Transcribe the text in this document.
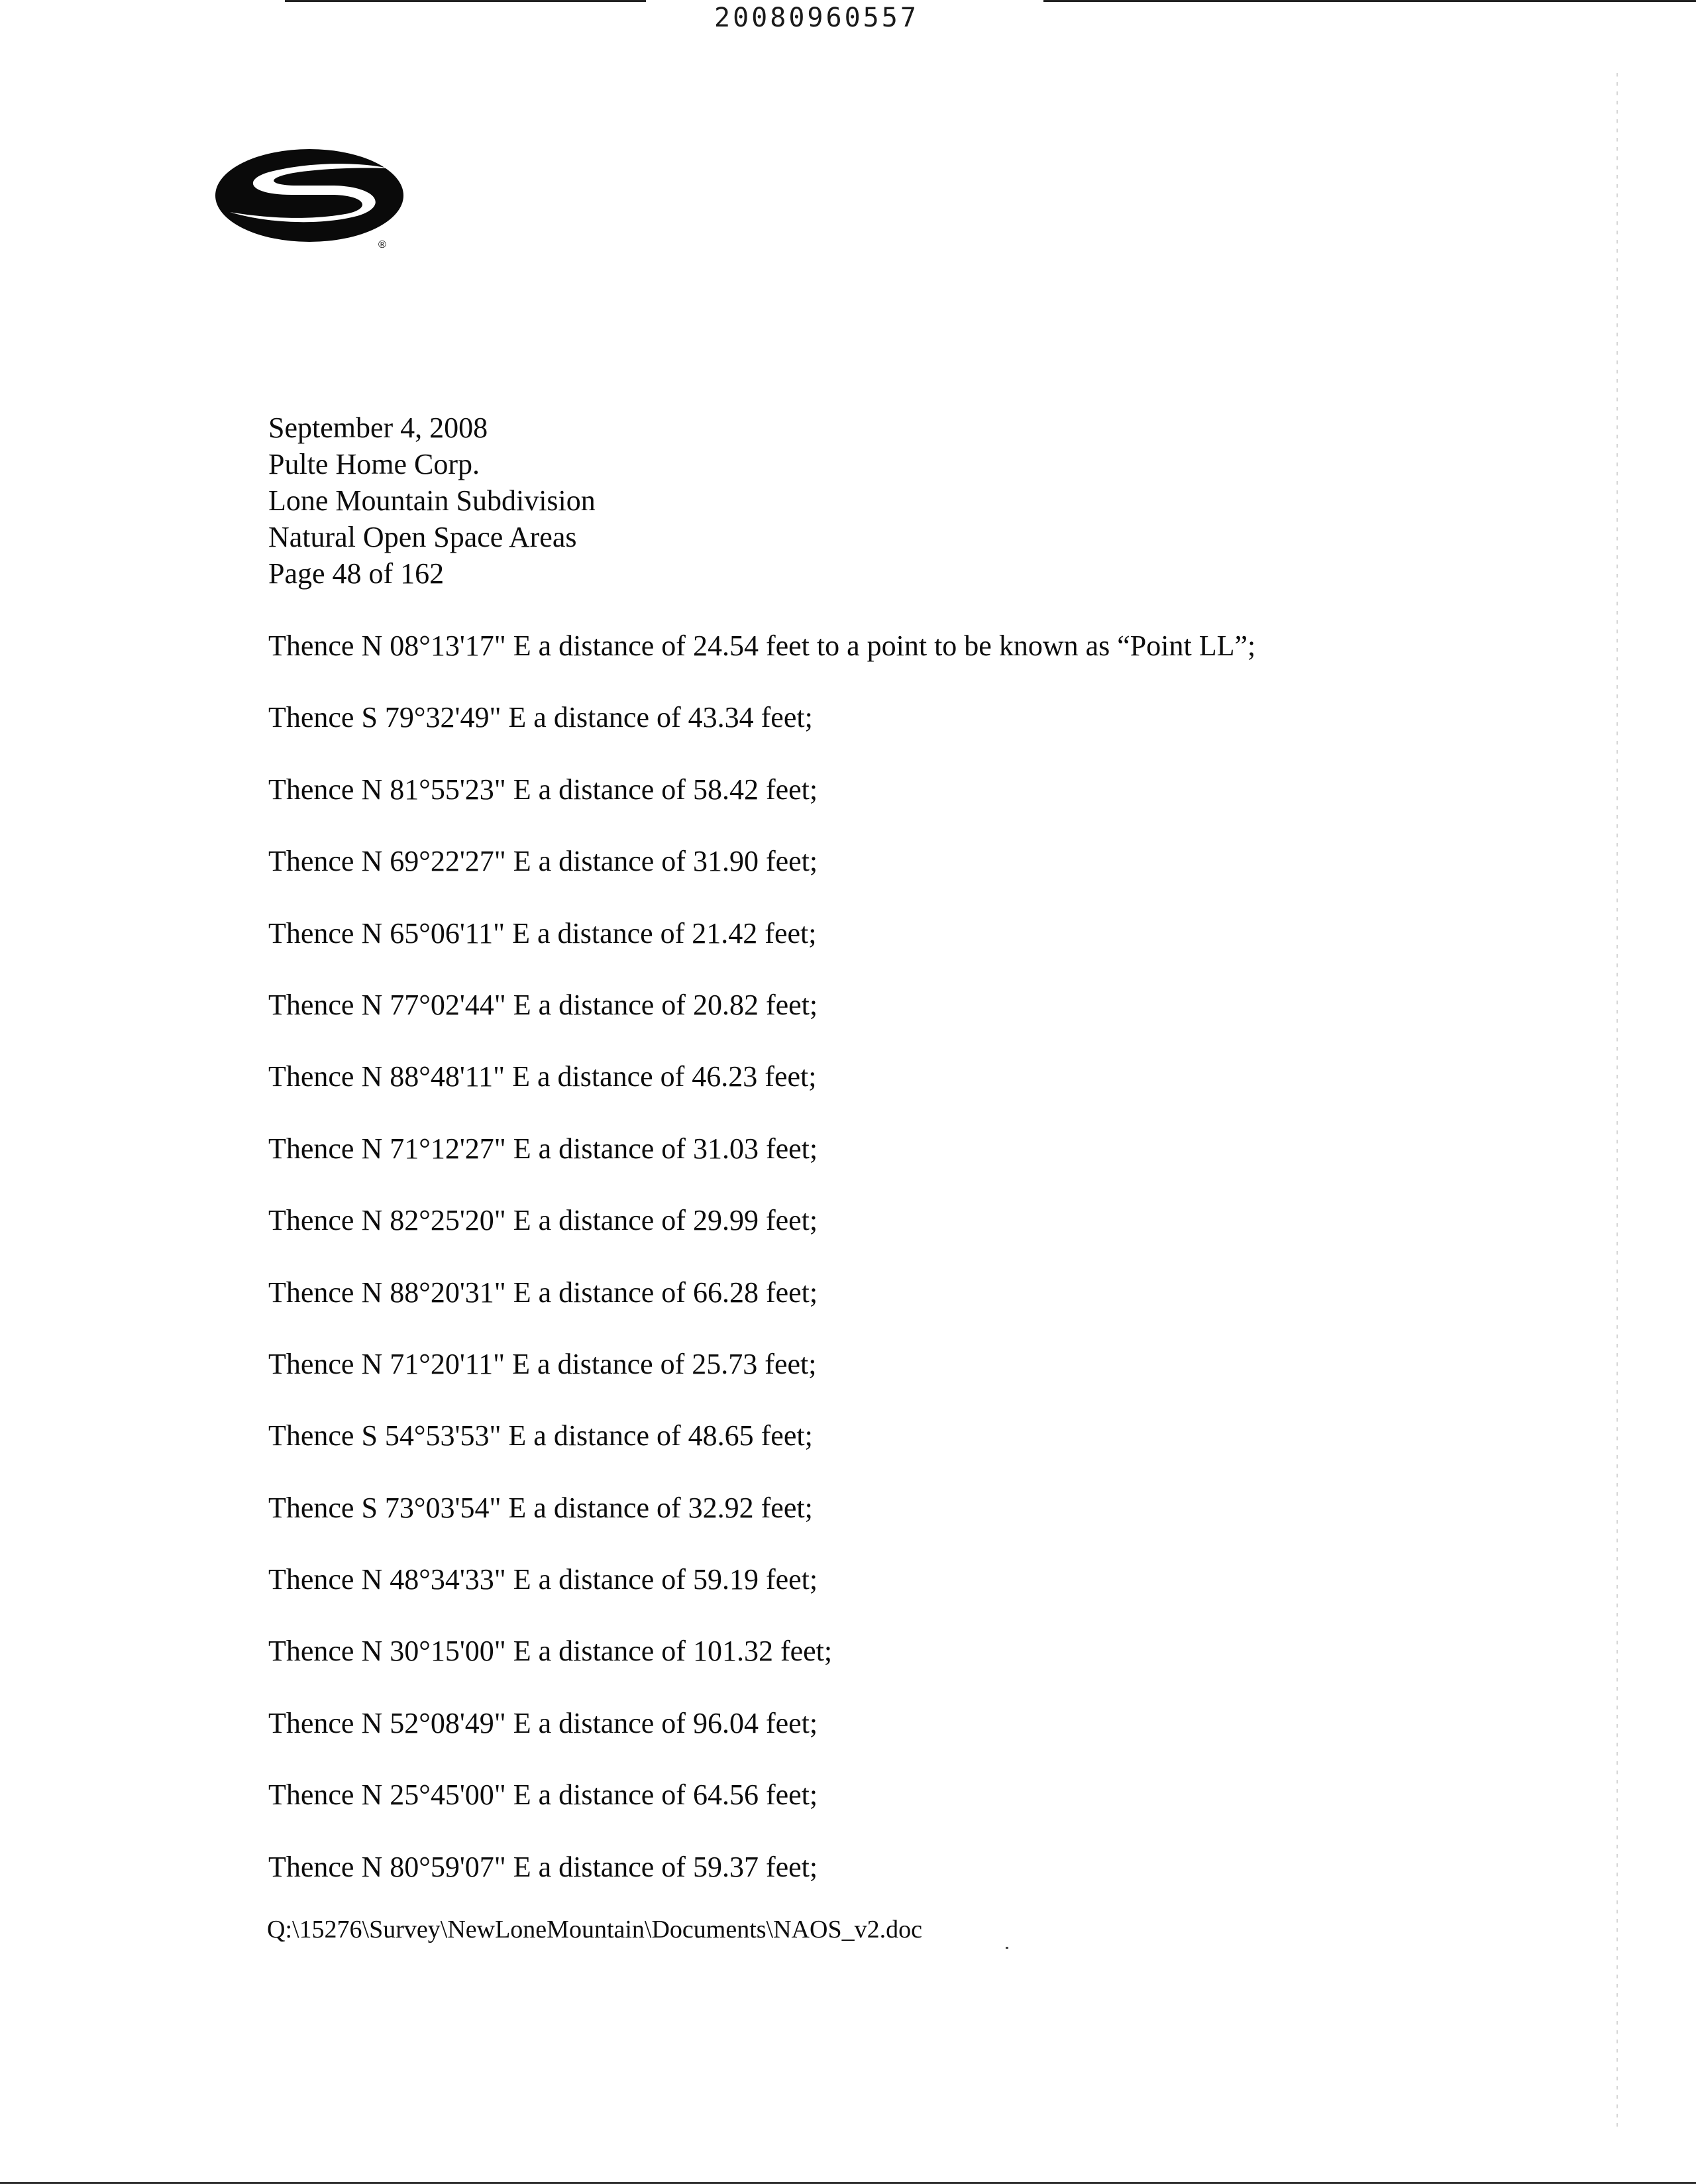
20080960557
®
September 4, 2008
Pulte Home Corp.
Lone Mountain Subdivision
Natural Open Space Areas
Page 48 of 162
Thence N 08°13'17" E a distance of 24.54 feet to a point to be known as “Point LL”;
Thence S 79°32'49" E a distance of 43.34 feet;
Thence N 81°55'23" E a distance of 58.42 feet;
Thence N 69°22'27" E a distance of 31.90 feet;
Thence N 65°06'11" E a distance of 21.42 feet;
Thence N 77°02'44" E a distance of 20.82 feet;
Thence N 88°48'11" E a distance of 46.23 feet;
Thence N 71°12'27" E a distance of 31.03 feet;
Thence N 82°25'20" E a distance of 29.99 feet;
Thence N 88°20'31" E a distance of 66.28 feet;
Thence N 71°20'11" E a distance of 25.73 feet;
Thence S 54°53'53" E a distance of 48.65 feet;
Thence S 73°03'54" E a distance of 32.92 feet;
Thence N 48°34'33" E a distance of 59.19 feet;
Thence N 30°15'00" E a distance of 101.32 feet;
Thence N 52°08'49" E a distance of 96.04 feet;
Thence N 25°45'00" E a distance of 64.56 feet;
Thence N 80°59'07" E a distance of 59.37 feet;
Q:\15276\Survey\NewLoneMountain\Documents\NAOS_v2.doc
